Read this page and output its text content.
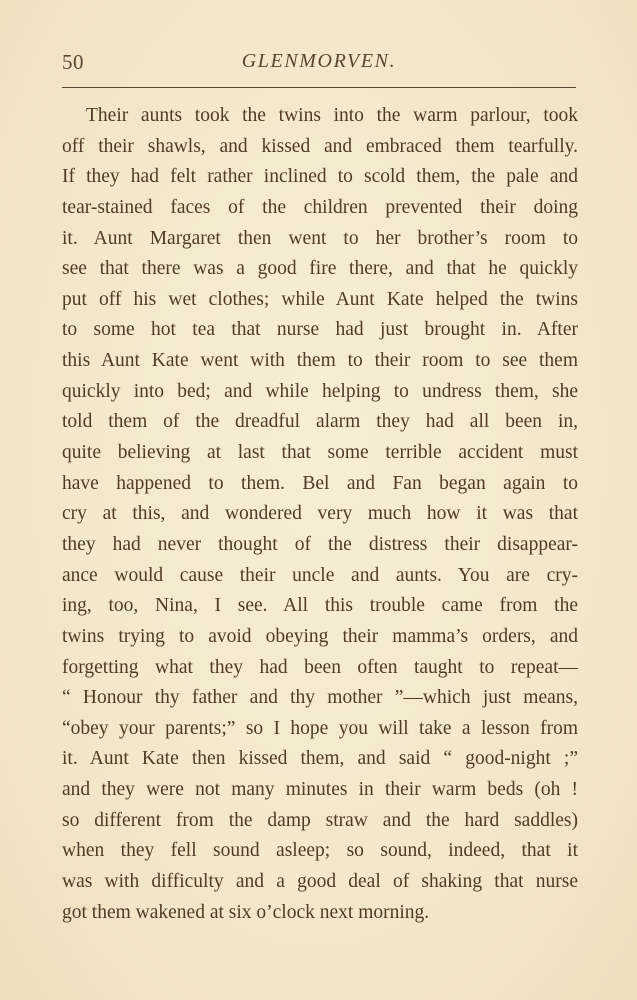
50	GLENMORVEN.

Their aunts took the twins into the warm parlour, took
off their shawls, and kissed and embraced them tearfully.
If they had felt rather inclined to scold them, the pale and
tear-stained faces of the children prevented their doing
it. Aunt Margaret then went to her brother’s room to
see that there was a good fire there, and that he quickly
put off his wet clothes; while Aunt Kate helped the twins
to some hot tea that nurse had just brought in. After
this Aunt Kate went with them to their room to see them
quickly into bed; and while helping to undress them, she
told them of the dreadful alarm they had all been in,
quite believing at last that some terrible accident must
have happened to them. Bel and Fan began again to
cry at this, and wondered very much how it was that
they had never thought of the distress their disappear-
ance would cause their uncle and aunts. You are cry-
ing, too, Nina, I see. All this trouble came from the
twins trying to avoid obeying their mamma’s orders, and
forgetting what they had been often taught to repeat—
“ Honour thy father and thy mother ”—which just means,
“obey your parents;” so I hope you will take a lesson from
it. Aunt Kate then kissed them, and said “ good-night ;”
and they were not many minutes in their warm beds (oh !
so different from the damp straw and the hard saddles)
when they fell sound asleep; so sound, indeed, that it
was with difficulty and a good deal of shaking that nurse
got them wakened at six o’clock next morning.
